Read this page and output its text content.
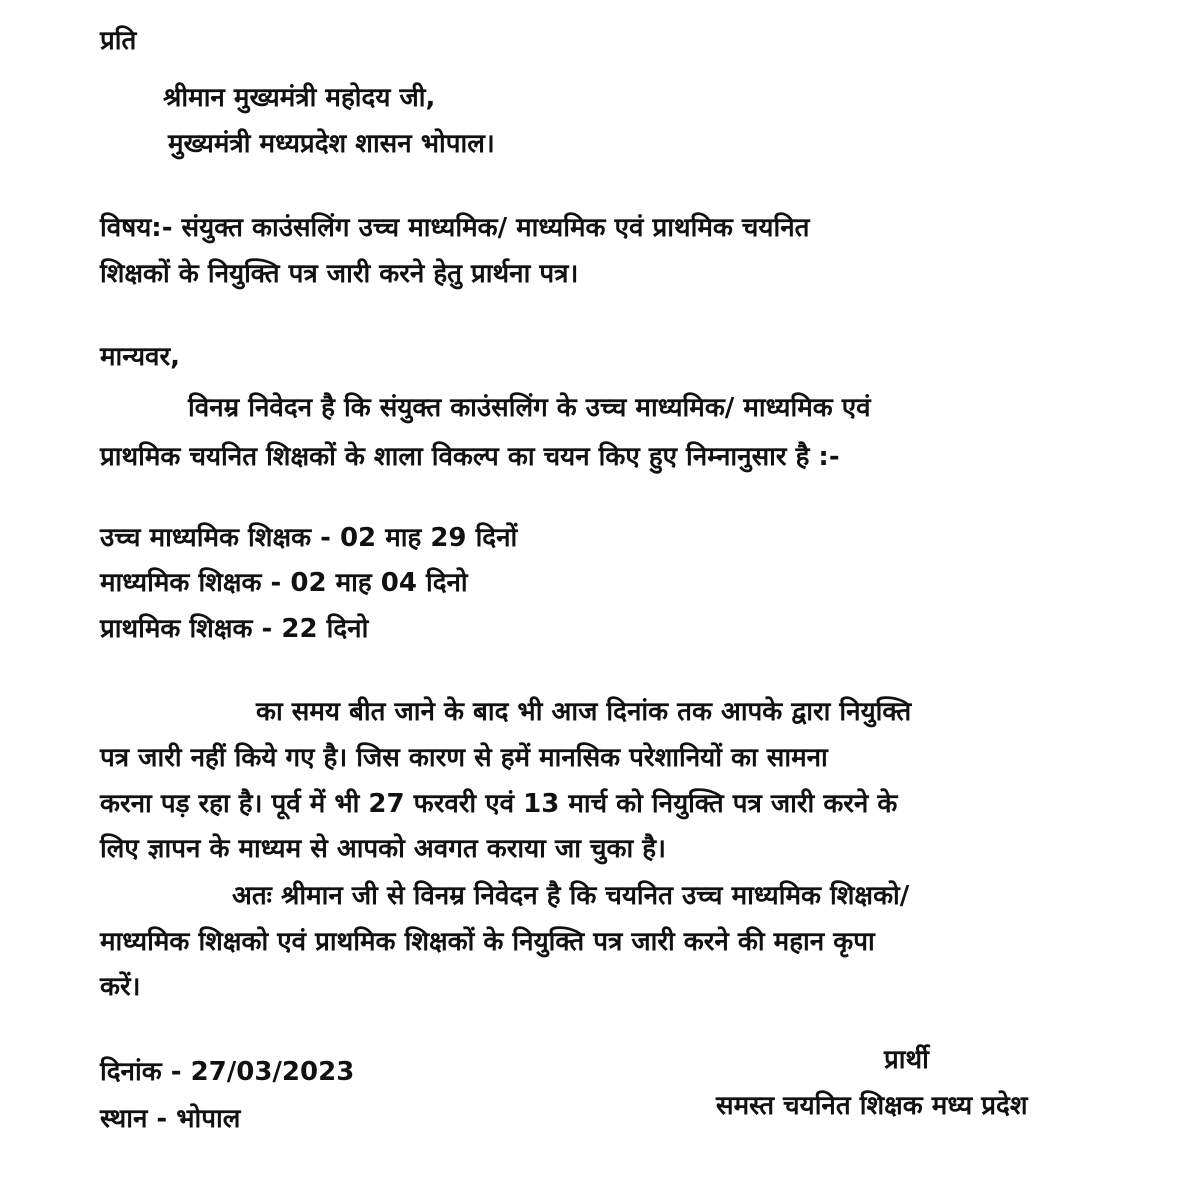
प्रति
श्रीमान मुख्यमंत्री महोदय जी,
मुख्यमंत्री मध्यप्रदेश शासन भोपाल।
विषय:- संयुक्त काउंसलिंग उच्च माध्यमिक/ माध्यमिक एवं प्राथमिक चयनित
शिक्षकों के नियुक्ति पत्र जारी करने हेतु प्रार्थना पत्र।
मान्यवर,
विनम्र निवेदन है कि संयुक्त काउंसलिंग के उच्च माध्यमिक/ माध्यमिक एवं
प्राथमिक चयनित शिक्षकों के शाला विकल्प का चयन किए हुए निम्नानुसार है :-
उच्च माध्यमिक शिक्षक - 02 माह 29 दिनों
माध्यमिक शिक्षक - 02 माह 04 दिनो
प्राथमिक शिक्षक - 22 दिनो
का समय बीत जाने के बाद भी आज दिनांक तक आपके द्वारा नियुक्ति
पत्र जारी नहीं किये गए है। जिस कारण से हमें मानसिक परेशानियों का सामना
करना पड़ रहा है। पूर्व में भी 27 फरवरी एवं 13 मार्च को नियुक्ति पत्र जारी करने के
लिए ज्ञापन के माध्यम से आपको अवगत कराया जा चुका है।
अतः श्रीमान जी से विनम्र निवेदन है कि चयनित उच्च माध्यमिक शिक्षको/
माध्यमिक शिक्षको एवं प्राथमिक शिक्षकों के नियुक्ति पत्र जारी करने की महान कृपा
करें।
दिनांक - 27/03/2023
स्थान - भोपाल
प्रार्थी
समस्त चयनित शिक्षक मध्य प्रदेश
